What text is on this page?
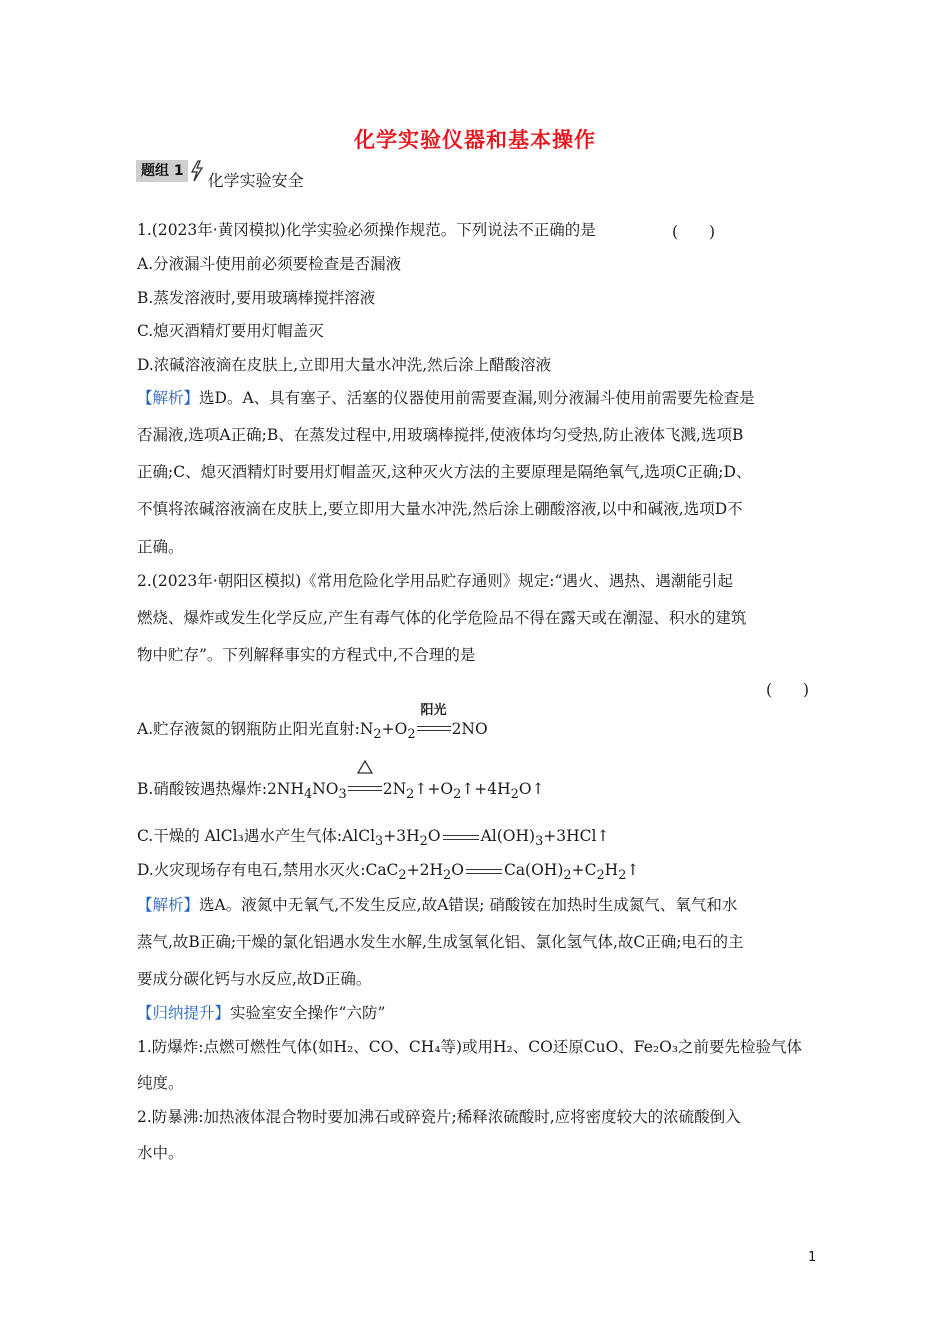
化学实验仪器和基本操作
题组 1 化学实验安全
1.(2023年·黄冈模拟)化学实验必须操作规范。下列说法不正确的是	(　　)
A.分液漏斗使用前必须要检查是否漏液
B.蒸发溶液时,要用玻璃棒搅拌溶液
C.熄灭酒精灯要用灯帽盖灭
D.浓碱溶液滴在皮肤上,立即用大量水冲洗,然后涂上醋酸溶液
【解析】选D。A、具有塞子、活塞的仪器使用前需要查漏,则分液漏斗使用前需要先检查是
否漏液,选项A正确;B、在蒸发过程中,用玻璃棒搅拌,使液体均匀受热,防止液体飞溅,选项B
正确;C、熄灭酒精灯时要用灯帽盖灭,这种灭火方法的主要原理是隔绝氧气,选项C正确;D、
不慎将浓碱溶液滴在皮肤上,要立即用大量水冲洗,然后涂上硼酸溶液,以中和碱液,选项D不
正确。
2.(2023年·朝阳区模拟)《常用危险化学用品贮存通则》规定:“遇火、遇热、遇潮能引起
燃烧、爆炸或发生化学反应,产生有毒气体的化学危险品不得在露天或在潮湿、积水的建筑
物中贮存”。下列解释事实的方程式中,不合理的是
(　　)
A.贮存液氮的钢瓶防止阳光直射$:N_2+O_2$
阳光
2NO
B.硝酸铵遇热爆炸$:2NH_4NO_3\rightleftharpoons 2N_2↑+O_2↑+4H_2O↑$
C.干燥的 AlCl₃遇水产生气体$:AlCl_3+3H_2O$	$Al(OH)_3+3HCl↑$
D.火灾现场存有电石,禁用水灭火$:CaC_2+2H_2O$	$Ca(OH)_2+C_2H_2↑$
【解析】选A。液氮中无氧气,不发生反应,故A错误; 硝酸铵在加热时生成氮气、氧气和水
蒸气,故B正确;干燥的氯化铝遇水发生水解,生成氢氧化铝、氯化氢气体,故C正确;电石的主
要成分碳化钙与水反应,故D正确。
【归纳提升】实验室安全操作“六防”
1.防爆炸:点燃可燃性气体(如H₂、CO、CH₄等)或用H₂、CO还原CuO、Fe₂O₃之前要先检验气体
纯度。
2.防暴沸:加热液体混合物时要加沸石或碎瓷片;稀释浓硫酸时,应将密度较大的浓硫酸倒入
水中。
1
